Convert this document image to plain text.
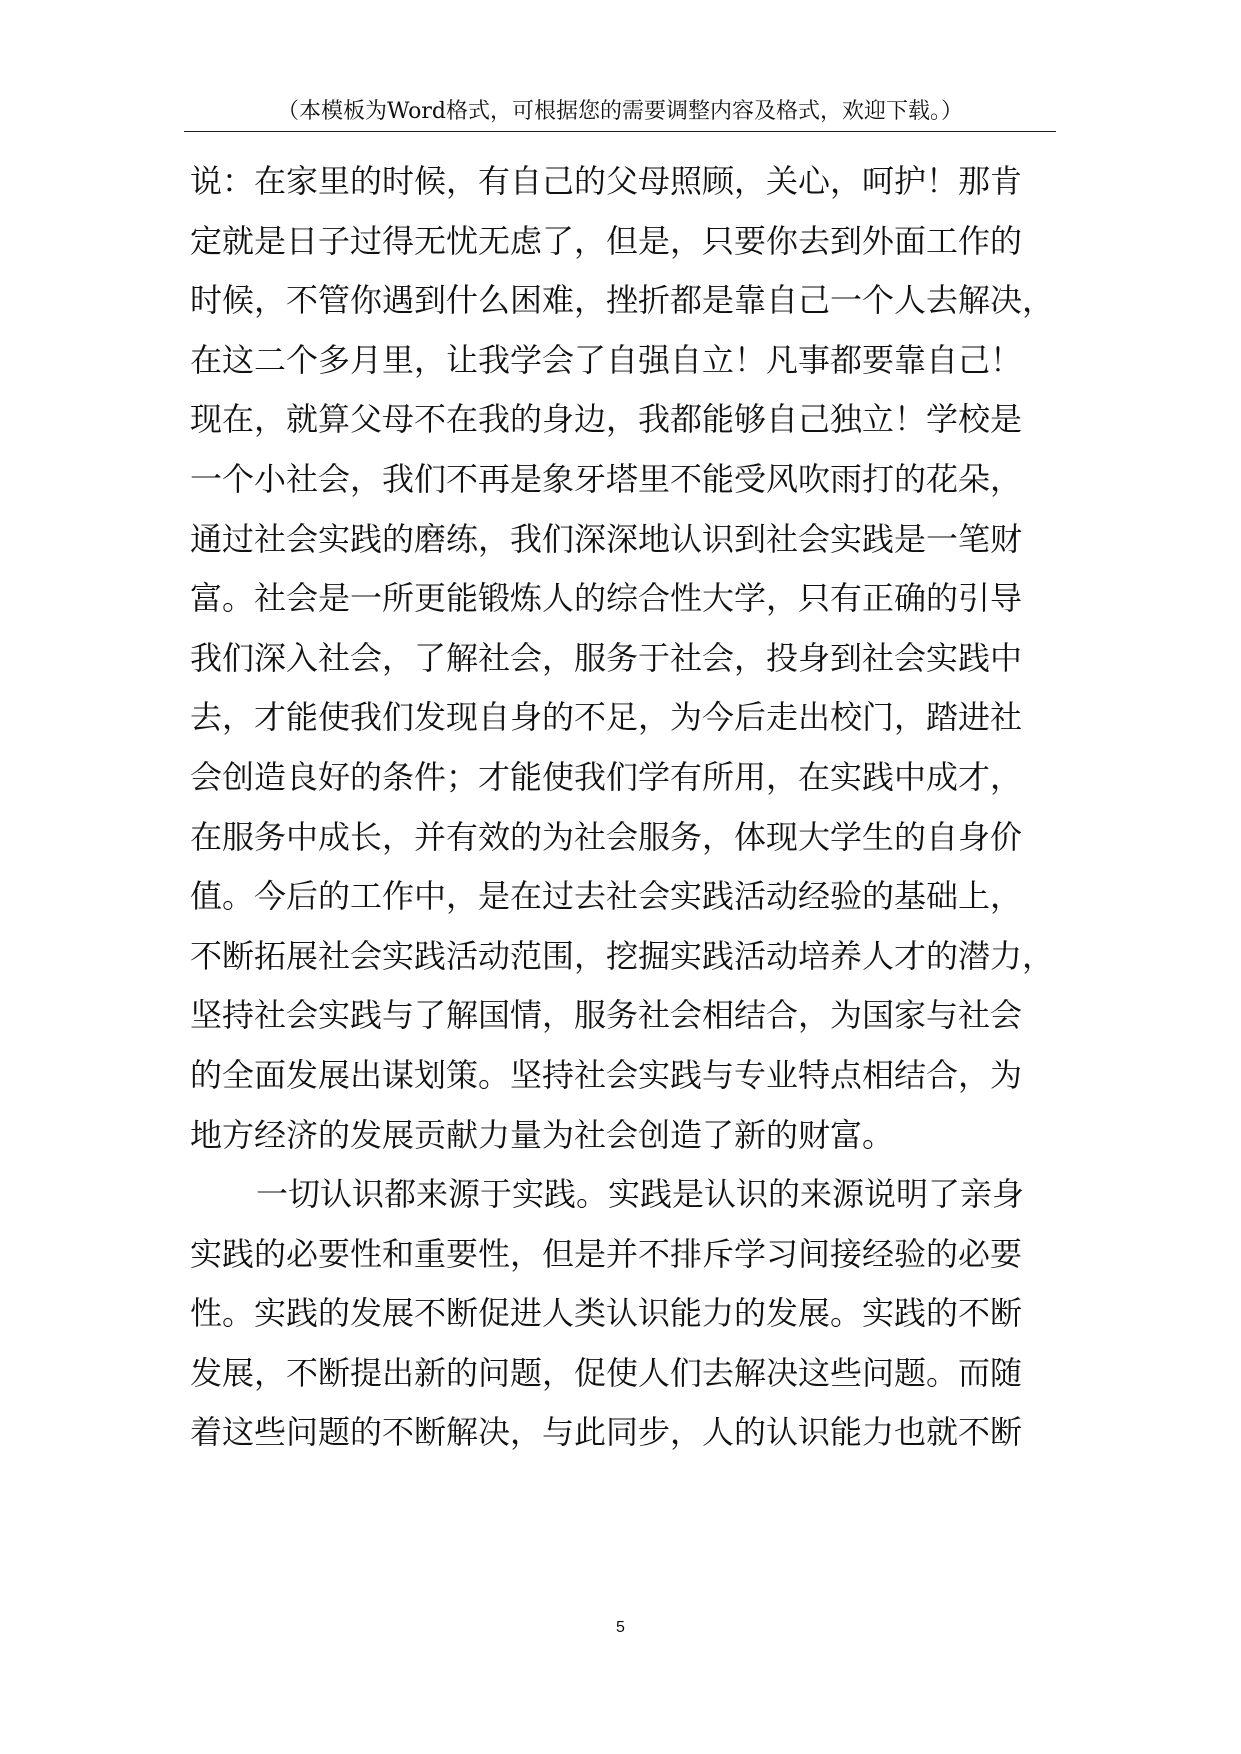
（本模板为Word格式，可根据您的需要调整内容及格式，欢迎下载。）
说：在家里的时候，有自己的父母照顾，关心，呵护！那肯
定就是日子过得无忧无虑了，但是，只要你去到外面工作的
时候，不管你遇到什么困难，挫折都是靠自己一个人去解决，
在这二个多月里，让我学会了自强自立！凡事都要靠自己！
现在，就算父母不在我的身边，我都能够自己独立！学校是
一个小社会，我们不再是象牙塔里不能受风吹雨打的花朵，
通过社会实践的磨练，我们深深地认识到社会实践是一笔财
富。社会是一所更能锻炼人的综合性大学，只有正确的引导
我们深入社会，了解社会，服务于社会，投身到社会实践中
去，才能使我们发现自身的不足，为今后走出校门，踏进社
会创造良好的条件；才能使我们学有所用，在实践中成才，
在服务中成长，并有效的为社会服务，体现大学生的自身价
值。今后的工作中，是在过去社会实践活动经验的基础上，
不断拓展社会实践活动范围，挖掘实践活动培养人才的潜力，
坚持社会实践与了解国情，服务社会相结合，为国家与社会
的全面发展出谋划策。坚持社会实践与专业特点相结合，为
地方经济的发展贡献力量为社会创造了新的财富。
一切认识都来源于实践。实践是认识的来源说明了亲身
实践的必要性和重要性，但是并不排斥学习间接经验的必要
性。实践的发展不断促进人类认识能力的发展。实践的不断
发展，不断提出新的问题，促使人们去解决这些问题。而随
着这些问题的不断解决，与此同步，人的认识能力也就不断
5
